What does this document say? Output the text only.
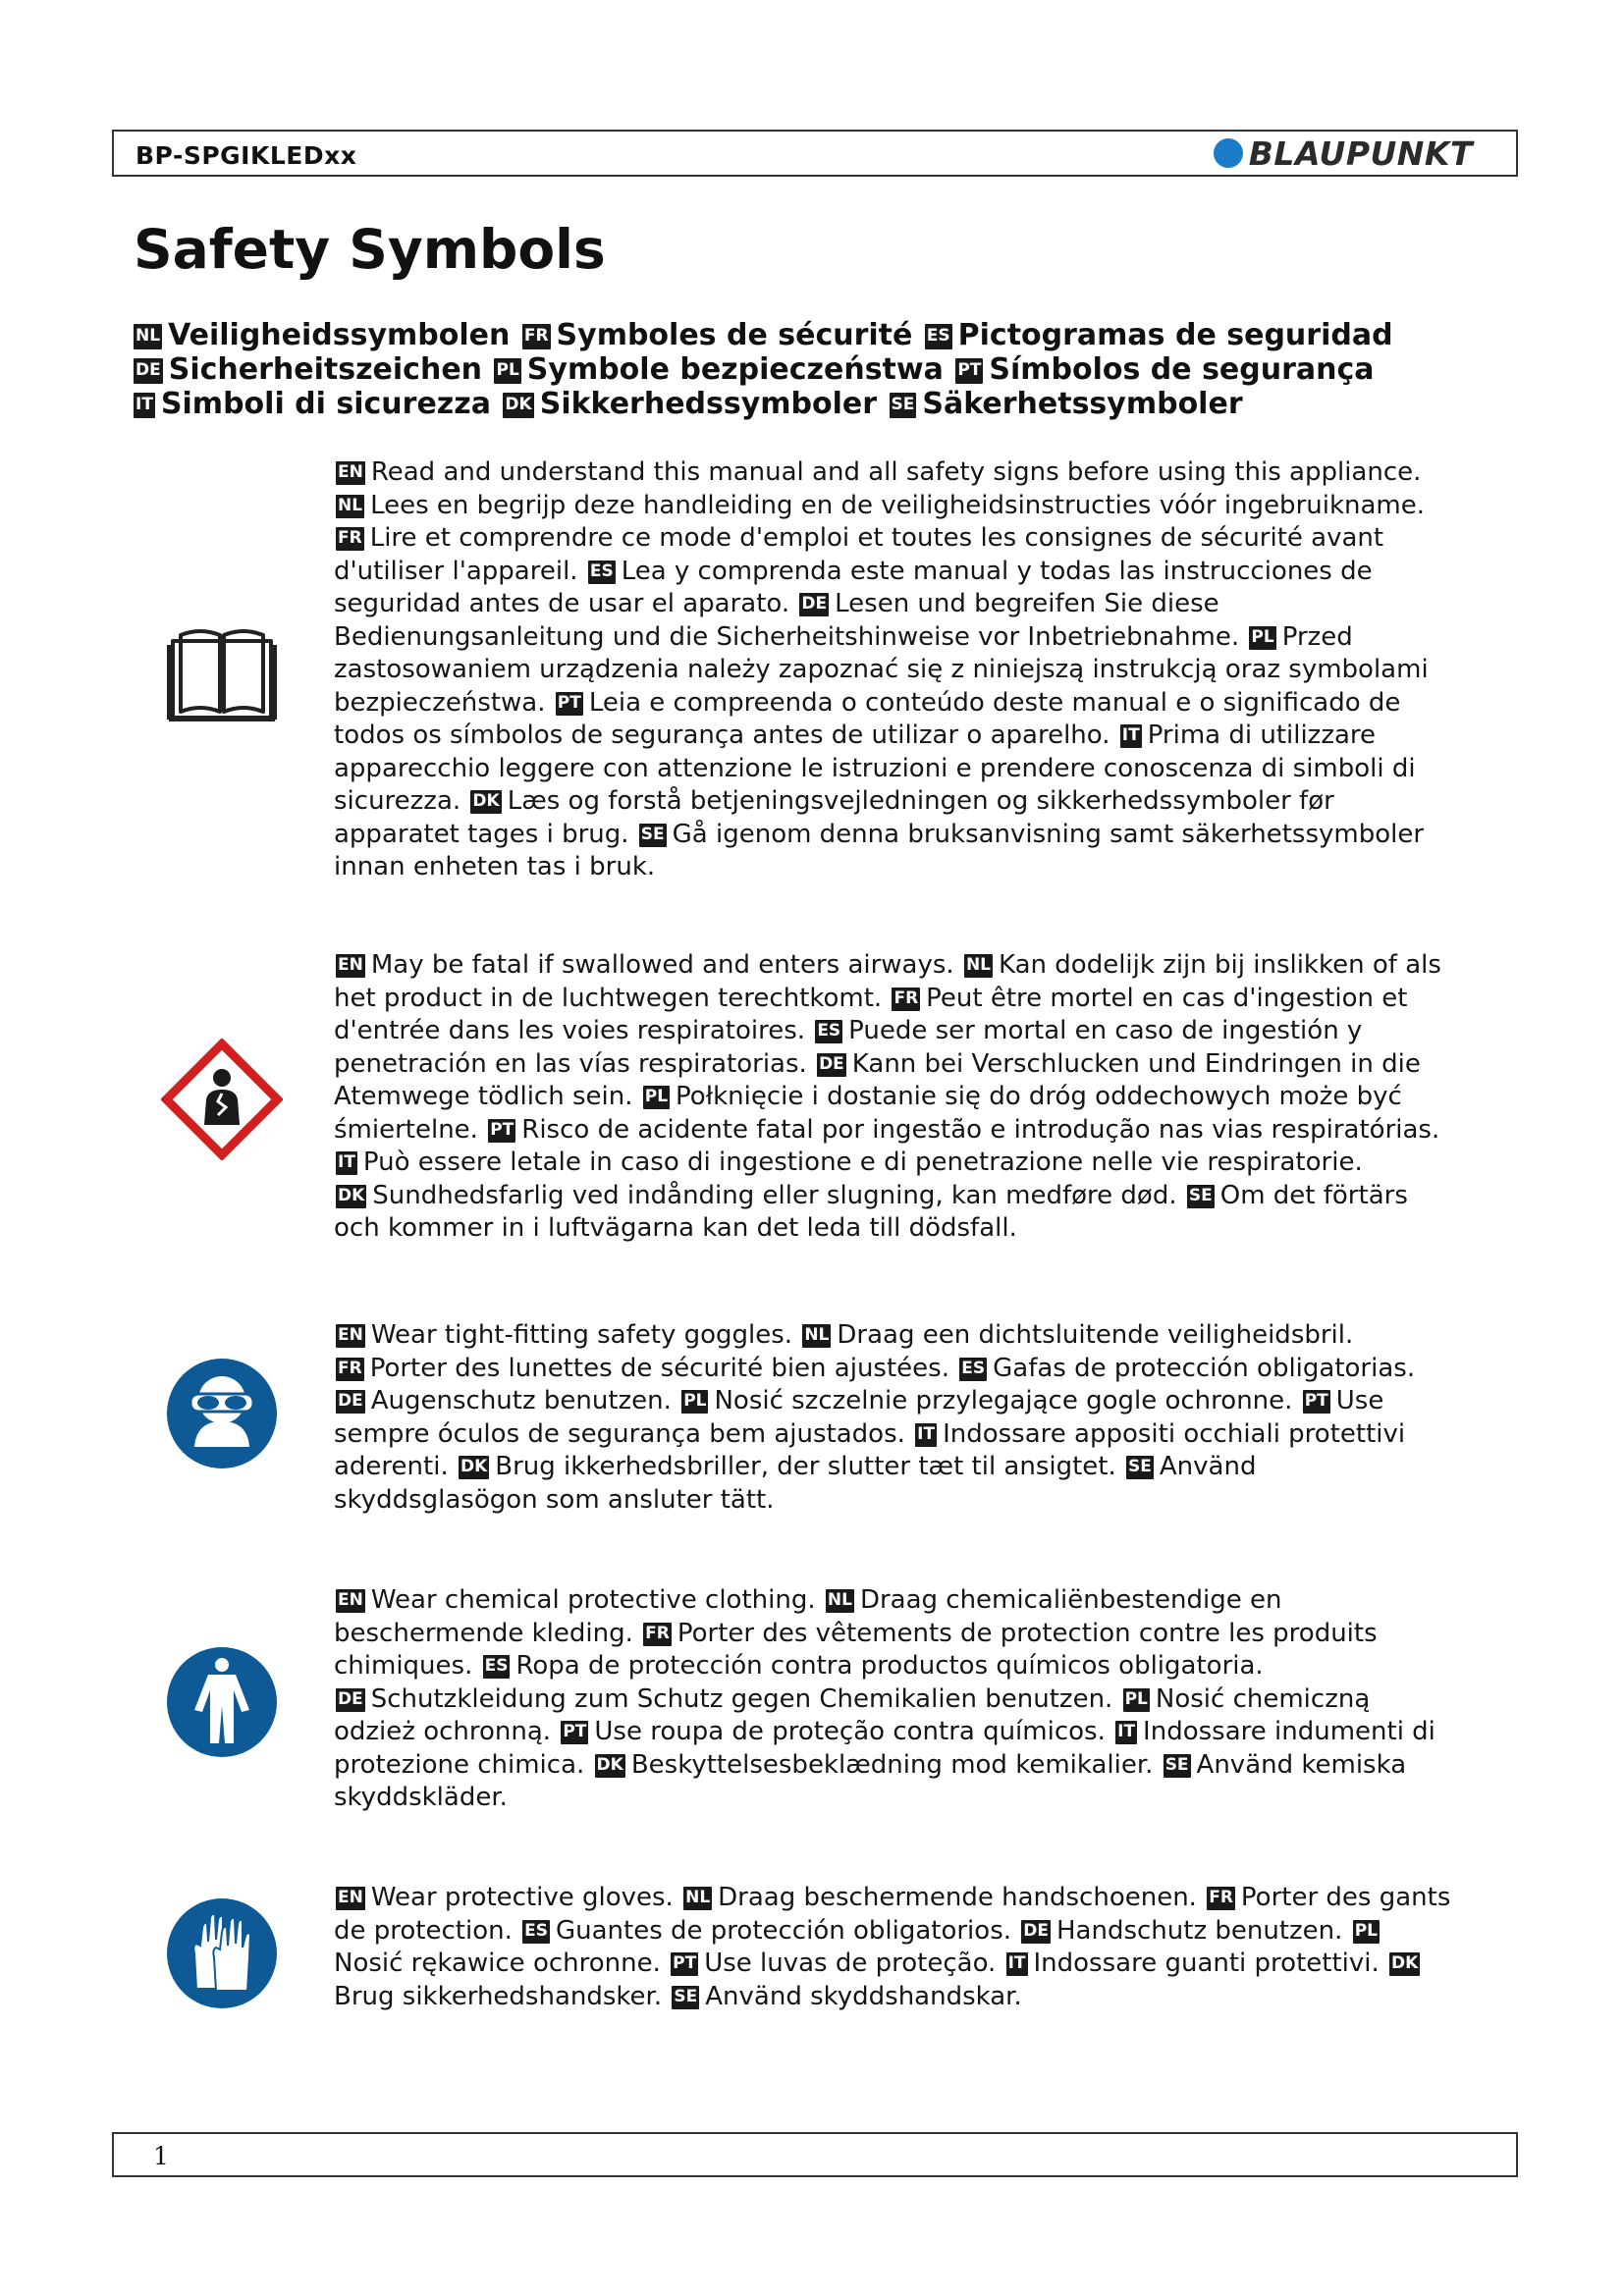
BP-SPGIKLEDxx	BLAUPUNKT
Safety Symbols
NL Veiligheidssymbolen FR Symboles de sécurité ES Pictogramas de seguridad
DE Sicherheitszeichen PL Symbole bezpieczeństwa PT Símbolos de segurança
IT Simboli di sicurezza DK Sikkerhedssymboler SE Säkerhetssymboler
EN Read and understand this manual and all safety signs before using this appliance.
NL Lees en begrijp deze handleiding en de veiligheidsinstructies vóór ingebruikname.
FR Lire et comprendre ce mode d'emploi et toutes les consignes de sécurité avant d'utiliser l'appareil. ES Lea y comprenda este manual y todas las instrucciones de seguridad antes de usar el aparato. DE Lesen und begreifen Sie diese Bedienungsanleitung und die Sicherheitshinweise vor Inbetriebnahme. PL Przed zastosowaniem urządzenia należy zapoznać się z niniejszą instrukcją oraz symbolami bezpieczeństwa. PT Leia e compreenda o conteúdo deste manual e o significado de todos os símbolos de segurança antes de utilizar o aparelho. IT Prima di utilizzare apparecchio leggere con attenzione le istruzioni e prendere conoscenza di simboli di sicurezza. DK Læs og forstå betjeningsvejledningen og sikkerhedssymboler før apparatet tages i brug. SE Gå igenom denna bruksanvisning samt säkerhetssymboler innan enheten tas i bruk.
EN May be fatal if swallowed and enters airways. NL Kan dodelijk zijn bij inslikken of als het product in de luchtwegen terechtkomt. FR Peut être mortel en cas d'ingestion et d'entrée dans les voies respiratoires. ES Puede ser mortal en caso de ingestión y penetración en las vías respiratorias. DE Kann bei Verschlucken und Eindringen in die Atemwege tödlich sein. PL Połknięcie i dostanie się do dróg oddechowych może być śmiertelne. PT Risco de acidente fatal por ingestão e introdução nas vias respiratórias.
IT Può essere letale in caso di ingestione e di penetrazione nelle vie respiratorie.
DK Sundhedsfarlig ved indånding eller slugning, kan medføre død. SE Om det förtärs och kommer in i luftvägarna kan det leda till dödsfall.
EN Wear tight-fitting safety goggles. NL Draag een dichtsluitende veiligheidsbril.
FR Porter des lunettes de sécurité bien ajustées. ES Gafas de protección obligatorias.
DE Augenschutz benutzen. PL Nosić szczelnie przylegające gogle ochronne. PT Use sempre óculos de segurança bem ajustados. IT Indossare appositi occhiali protettivi aderenti. DK Brug ikkerhedsbriller, der slutter tæt til ansigtet. SE Använd skyddsglasögon som ansluter tätt.
EN Wear chemical protective clothing. NL Draag chemicaliënbestendige en beschermende kleding. FR Porter des vêtements de protection contre les produits chimiques. ES Ropa de protección contra productos químicos obligatoria.
DE Schutzkleidung zum Schutz gegen Chemikalien benutzen. PL Nosić chemiczną odzież ochronną. PT Use roupa de proteção contra químicos. IT Indossare indumenti di protezione chimica. DK Beskyttelsesbeklædning mod kemikalier. SE Använd kemiska skyddskläder.
EN Wear protective gloves. NL Draag beschermende handschoenen. FR Porter des gants de protection. ES Guantes de protección obligatorios. DE Handschutz benutzen. PLNosić rękawice ochronne. PT Use luvas de proteção. IT Indossare guanti protettivi. DKBrug sikkerhedshandsker. SE Använd skyddshandskar.
1
